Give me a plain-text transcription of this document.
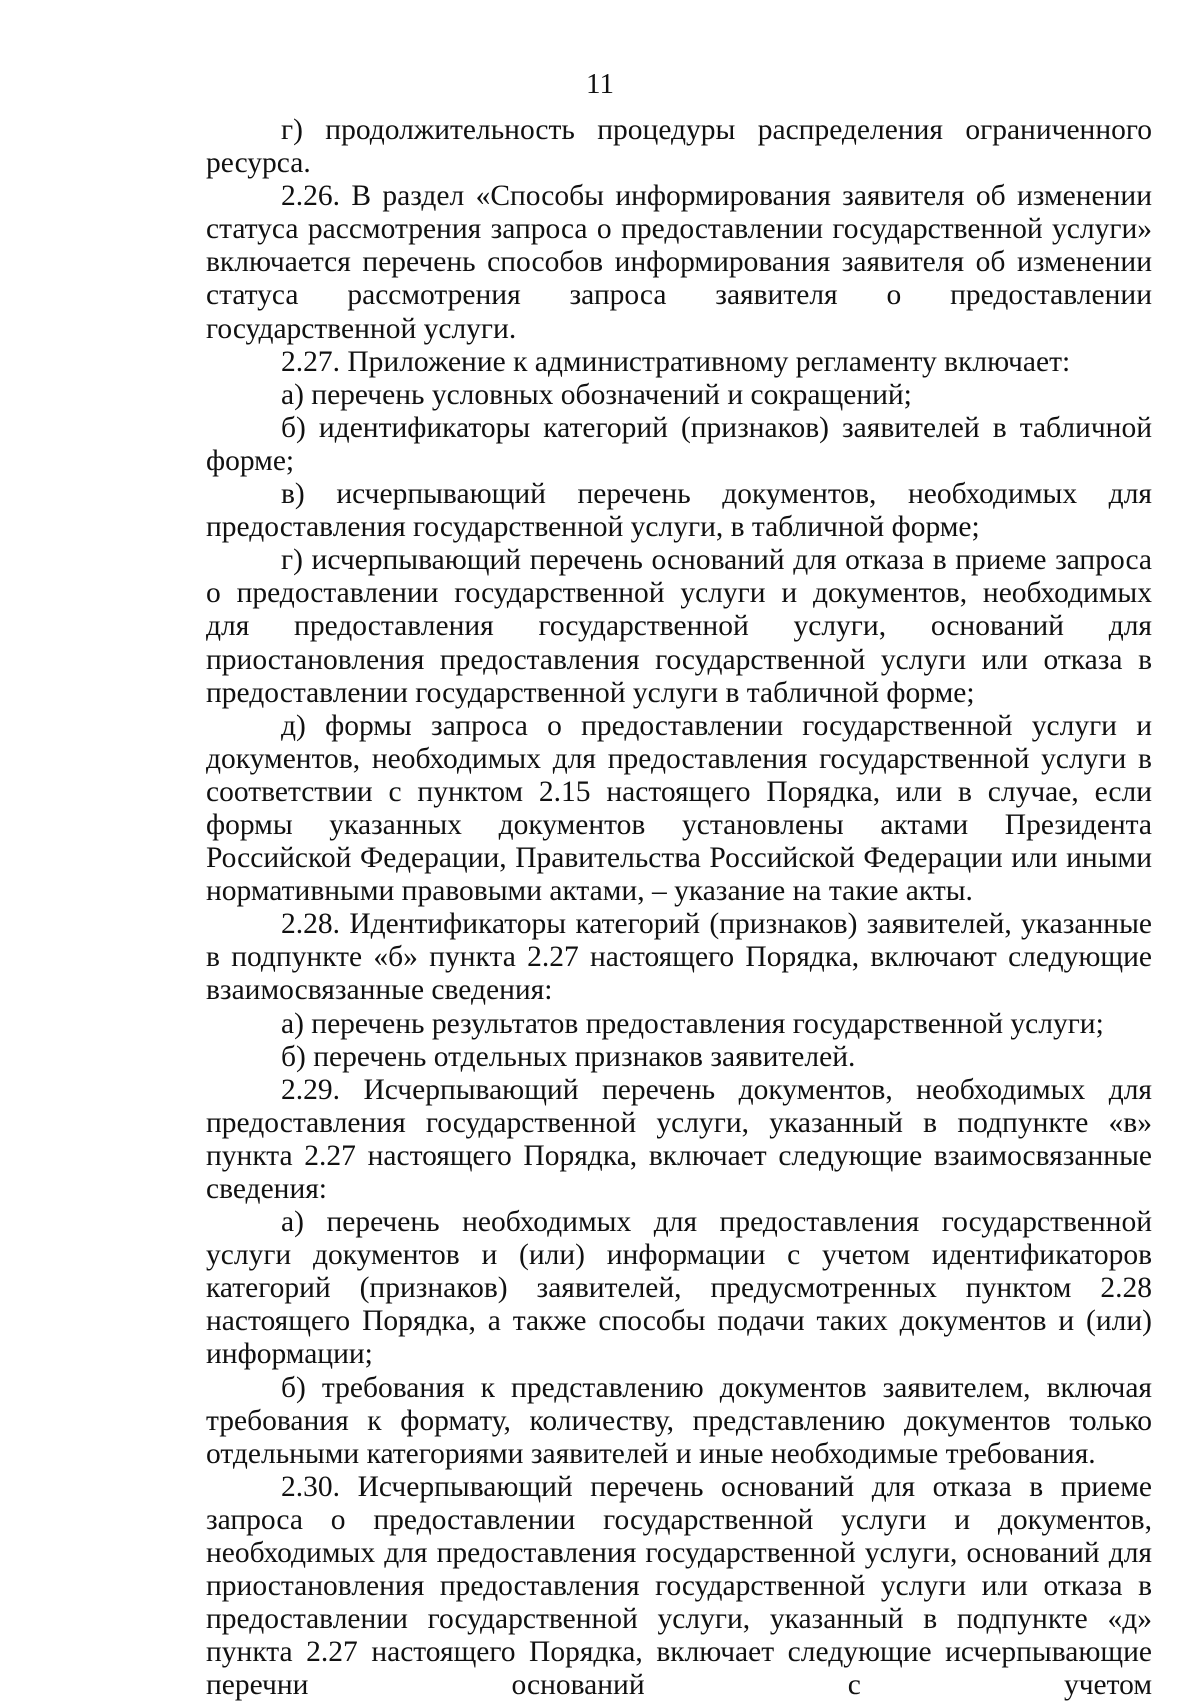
11

г) продолжительность процедуры распределения ограниченного ресурса.

2.26. В раздел «Способы информирования заявителя об изменении статуса рассмотрения запроса о предоставлении государственной услуги» включается перечень способов информирования заявителя об изменении статуса рассмотрения запроса заявителя о предоставлении государственной услуги.

2.27. Приложение к административному регламенту включает:

а) перечень условных обозначений и сокращений;

б) идентификаторы категорий (признаков) заявителей в табличной форме;

в) исчерпывающий перечень документов, необходимых для предоставления государственной услуги, в табличной форме;

г) исчерпывающий перечень оснований для отказа в приеме запроса о предоставлении государственной услуги и документов, необходимых для предоставления государственной услуги, оснований для приостановления предоставления государственной услуги или отказа в предоставлении государственной услуги в табличной форме;

д) формы запроса о предоставлении государственной услуги и документов, необходимых для предоставления государственной услуги в соответствии с пунктом 2.15 настоящего Порядка, или в случае, если формы указанных документов установлены актами Президента Российской Федерации, Правительства Российской Федерации или иными нормативными правовыми актами, – указание на такие акты.

2.28. Идентификаторы категорий (признаков) заявителей, указанные в подпункте «б» пункта 2.27 настоящего Порядка, включают следующие взаимосвязанные сведения:

а) перечень результатов предоставления государственной услуги;

б) перечень отдельных признаков заявителей.

2.29. Исчерпывающий перечень документов, необходимых для предоставления государственной услуги, указанный в подпункте «в» пункта 2.27 настоящего Порядка, включает следующие взаимосвязанные сведения:

а) перечень необходимых для предоставления государственной услуги документов и (или) информации с учетом идентификаторов категорий (признаков) заявителей, предусмотренных пунктом 2.28 настоящего Порядка, а также способы подачи таких документов и (или) информации;

б) требования к представлению документов заявителем, включая требования к формату, количеству, представлению документов только отдельными категориями заявителей и иные необходимые требования.

2.30. Исчерпывающий перечень оснований для отказа в приеме запроса о предоставлении государственной услуги и документов, необходимых для предоставления государственной услуги, оснований для приостановления предоставления государственной услуги или отказа в предоставлении государственной услуги, указанный в подпункте «д» пункта 2.27 настоящего Порядка, включает следующие исчерпывающие перечни оснований с учетом
